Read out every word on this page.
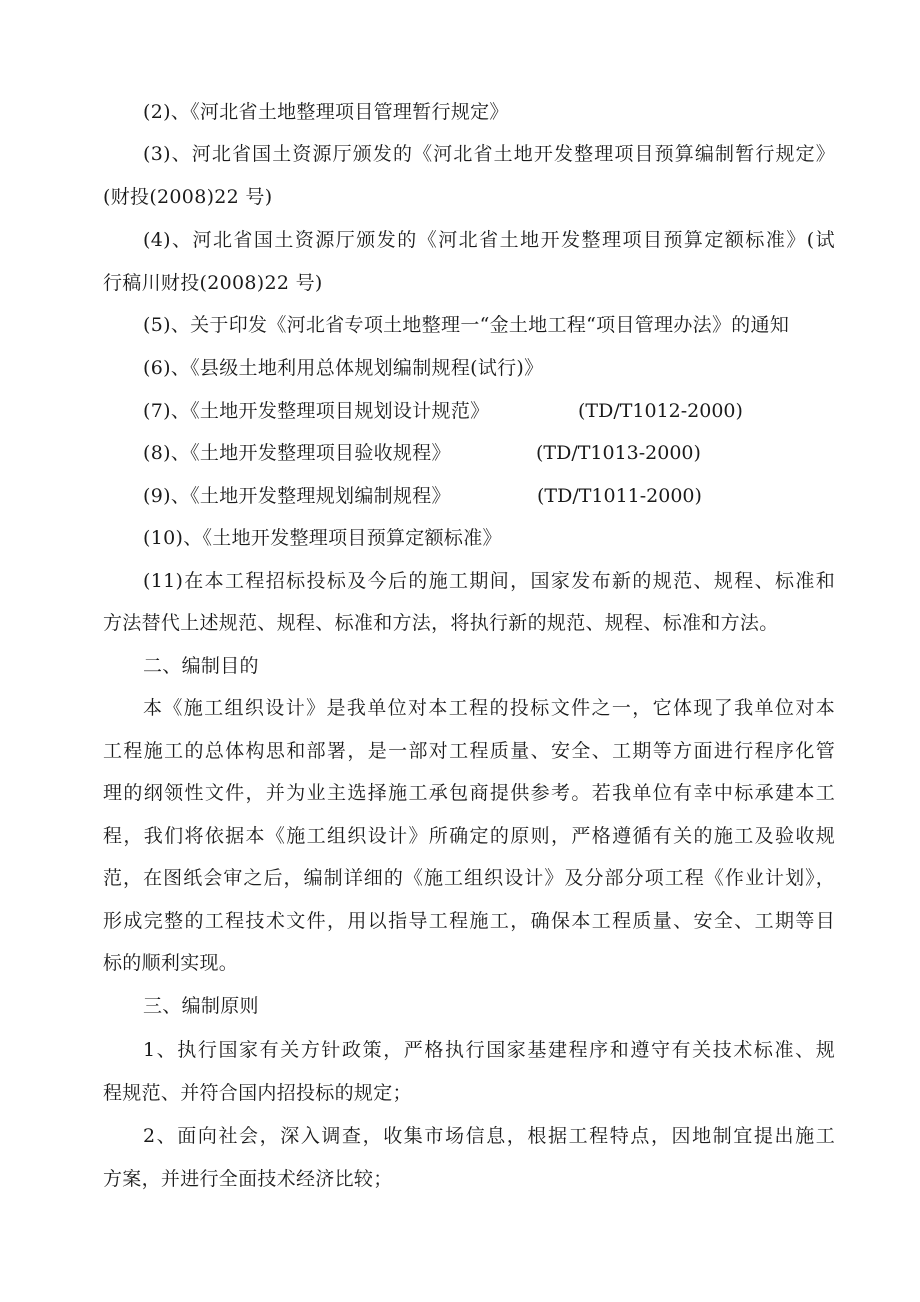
(2)、《河北省土地整理项目管理暂行规定》
(3)、河北省国土资源厅颁发的《河北省土地开发整理项目预算编制暂行规定》
(财投(2008)22 号)
(4)、河北省国土资源厅颁发的《河北省土地开发整理项目预算定额标准》(试
行稿川财投(2008)22 号)
(5)、关于印发《河北省专项土地整理一“金土地工程“项目管理办法》的通知
(6)、《县级土地利用总体规划编制规程(试行)》
(7)、《土地开发整理项目规划设计规范》	(TD/T1012-2000)
(8)、《土地开发整理项目验收规程》	(TD/T1013-2000)
(9)、《土地开发整理规划编制规程》	(TD/T1011-2000)
(10)、《土地开发整理项目预算定额标准》
(11)在本工程招标投标及今后的施工期间，国家发布新的规范、规程、标准和
方法替代上述规范、规程、标准和方法，将执行新的规范、规程、标准和方法。
二、编制目的
本《施工组织设计》是我单位对本工程的投标文件之一，它体现了我单位对本
工程施工的总体构思和部署，是一部对工程质量、安全、工期等方面进行程序化管
理的纲领性文件，并为业主选择施工承包商提供参考。若我单位有幸中标承建本工
程，我们将依据本《施工组织设计》所确定的原则，严格遵循有关的施工及验收规
范，在图纸会审之后，编制详细的《施工组织设计》及分部分项工程《作业计划》，
形成完整的工程技术文件，用以指导工程施工，确保本工程质量、安全、工期等目
标的顺利实现。
三、编制原则
1、执行国家有关方针政策，严格执行国家基建程序和遵守有关技术标准、规
程规范、并符合国内招投标的规定；
2、面向社会，深入调查，收集市场信息，根据工程特点，因地制宜提出施工
方案，并进行全面技术经济比较；
